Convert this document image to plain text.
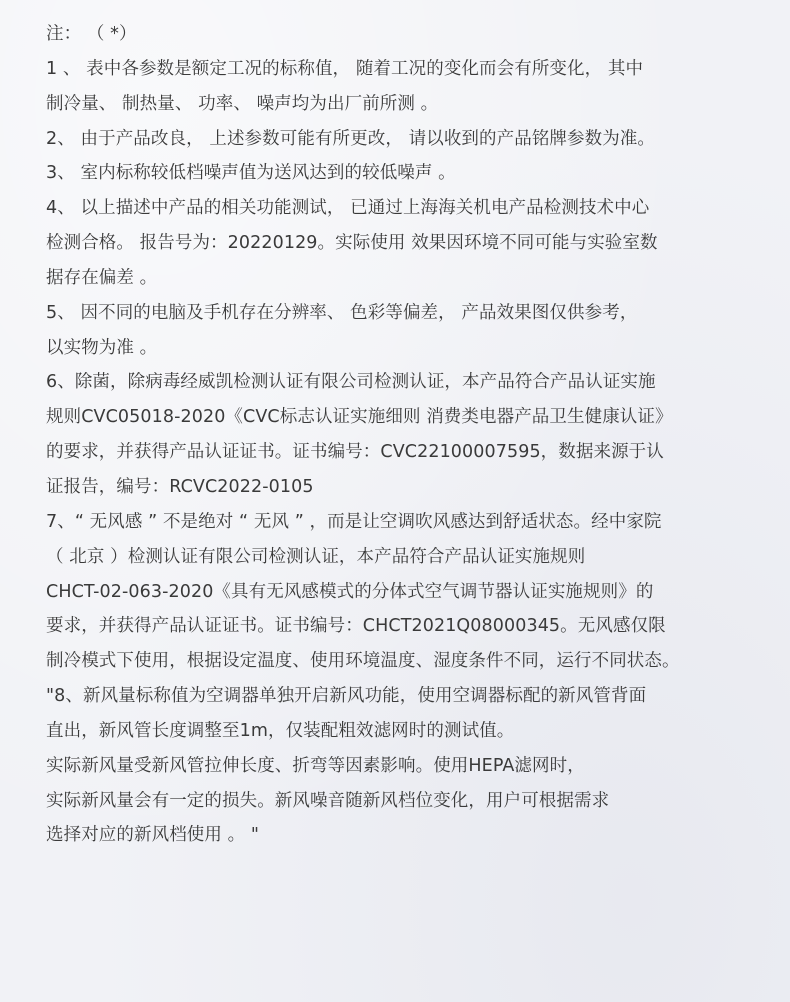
注： （ *）
1 、 表中各参数是额定工况的标称值， 随着工况的变化而会有所变化， 其中
制冷量、 制热量、 功率、 噪声均为出厂前所测 。
2、 由于产品改良， 上述参数可能有所更改， 请以收到的产品铭牌参数为准。
3、 室内标称较低档噪声值为送风达到的较低噪声 。
4、 以上描述中产品的相关功能测试， 已通过上海海关机电产品检测技术中心
检测合格。 报告号为：20220129。实际使用 效果因环境不同可能与实验室数
据存在偏差 。
5、 因不同的电脑及手机存在分辨率、 色彩等偏差， 产品效果图仅供参考，
以实物为准 。
6、除菌，除病毒经威凯检测认证有限公司检测认证，本产品符合产品认证实施
规则CVC05018-2020《CVC标志认证实施细则 消费类电器产品卫生健康认证》
的要求，并获得产品认证证书。证书编号：CVC22100007595，数据来源于认
证报告，编号：RCVC2022-0105
7、“ 无风感 ” 不是绝对 “ 无风 ” ，而是让空调吹风感达到舒适状态。经中家院
（ 北京 ）检测认证有限公司检测认证，本产品符合产品认证实施规则
CHCT-02-063-2020《具有无风感模式的分体式空气调节器认证实施规则》的
要求，并获得产品认证证书。证书编号：CHCT2021Q08000345。无风感仅限
制冷模式下使用，根据设定温度、使用环境温度、湿度条件不同，运行不同状态。
"8、新风量标称值为空调器单独开启新风功能，使用空调器标配的新风管背面
直出，新风管长度调整至1m，仅装配粗效滤网时的测试值。
实际新风量受新风管拉伸长度、折弯等因素影响。使用HEPA滤网时，
实际新风量会有一定的损失。新风噪音随新风档位变化，用户可根据需求
选择对应的新风档使用 。 "
